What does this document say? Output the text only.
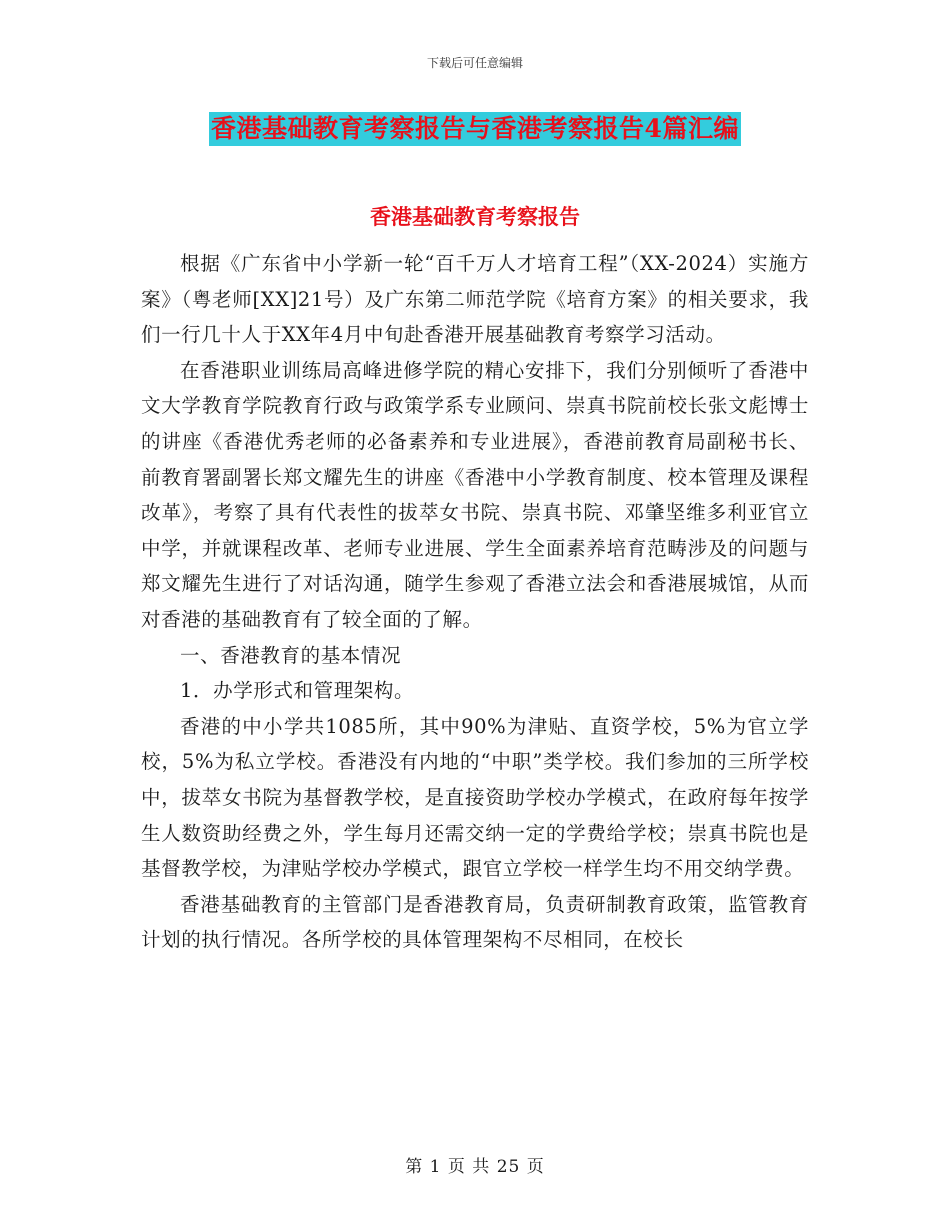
下载后可任意编辑
香港基础教育考察报告与香港考察报告4篇汇编
香港基础教育考察报告

根据《广东省中小学新一轮“百千万人才培育工程”（XX-2024）实施方案》（粤老师[XX]21号）及广东第二师范学院《培育方案》的相关要求，我们一行几十人于XX年4月中旬赴香港开展基础教育考察学习活动。

在香港职业训练局高峰进修学院的精心安排下，我们分别倾听了香港中文大学教育学院教育行政与政策学系专业顾问、崇真书院前校长张文彪博士的讲座《香港优秀老师的必备素养和专业进展》，香港前教育局副秘书长、前教育署副署长郑文耀先生的讲座《香港中小学教育制度、校本管理及课程改革》，考察了具有代表性的拔萃女书院、崇真书院、邓肇坚维多利亚官立中学，并就课程改革、老师专业进展、学生全面素养培育范畴涉及的问题与郑文耀先生进行了对话沟通，随学生参观了香港立法会和香港展城馆，从而对香港的基础教育有了较全面的了解。

一、香港教育的基本情况

1．办学形式和管理架构。

香港的中小学共1085所，其中90%为津贴、直资学校，5%为官立学校，5%为私立学校。香港没有内地的“中职”类学校。我们参加的三所学校中，拔萃女书院为基督教学校，是直接资助学校办学模式，在政府每年按学生人数资助经费之外，学生每月还需交纳一定的学费给学校；崇真书院也是基督教学校，为津贴学校办学模式，跟官立学校一样学生均不用交纳学费。

香港基础教育的主管部门是香港教育局，负责研制教育政策，监管教育计划的执行情况。各所学校的具体管理架构不尽相同，在校长

第 1 页 共 25 页
